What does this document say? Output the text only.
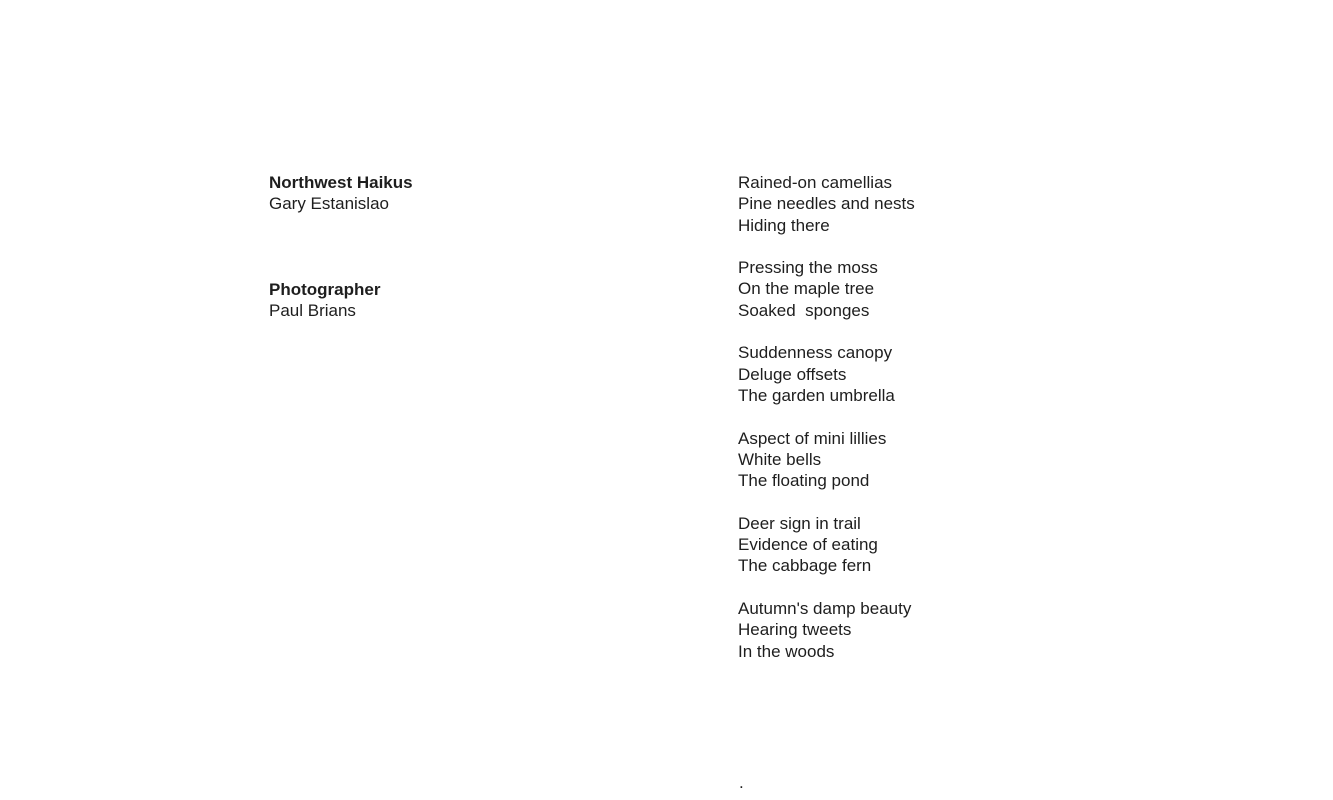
Northwest Haikus
Gary Estanislao
Photographer
Paul Brians
Rained-on camellias
Pine needles and nests
Hiding there
Pressing the moss
On the maple tree
Soaked  sponges
Suddenness canopy
Deluge offsets
The garden umbrella
Aspect of mini lillies
White bells
The floating pond
Deer sign in trail
Evidence of eating
The cabbage fern
Autumn's damp beauty
Hearing tweets
In the woods
.
